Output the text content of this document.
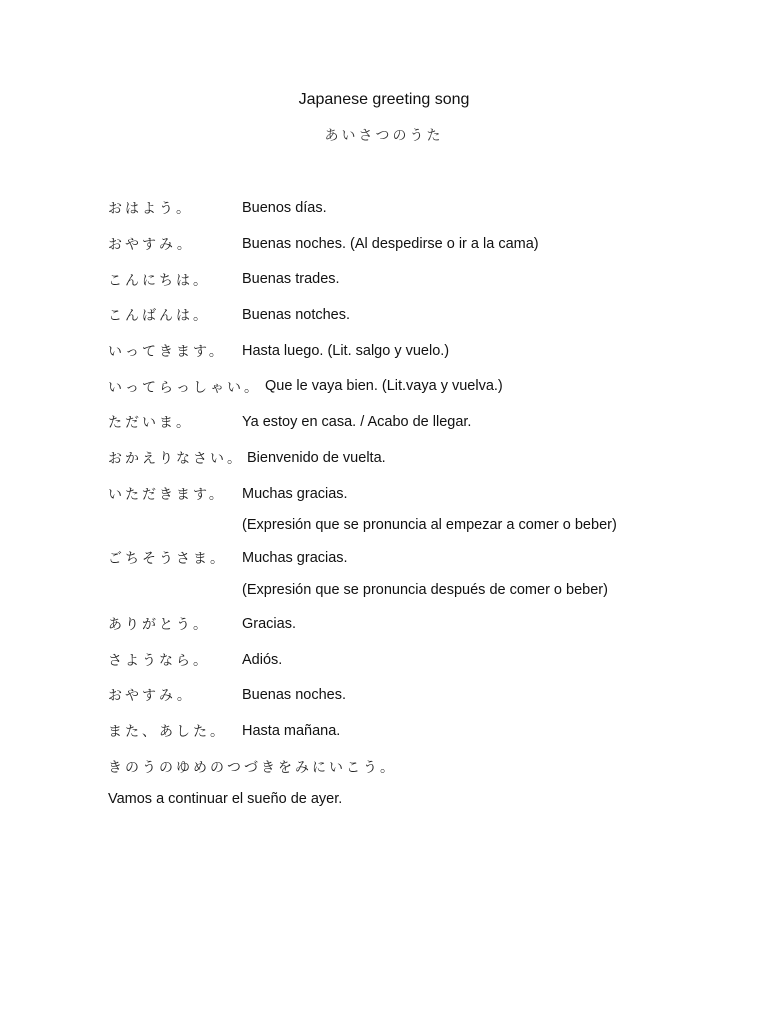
Japanese greeting song
あいさつのうた
おはよう。	Buenos días.
おやすみ。	Buenas noches. (Al despedirse o ir a la cama)
こんにちは。 Buenas trades.
こんばんは。 Buenas notches.
いってきます。 Hasta luego. (Lit. salgo y vuelo.)
いってらっしゃい。 Que le vaya bien. (Lit.vaya y vuelva.)
ただいま。	Ya estoy en casa. / Acabo de llegar.
おかえりなさい。 Bienvenido de vuelta.
いただきます。 Muchas gracias.
(Expresión que se pronuncia al empezar a comer o beber)
ごちそうさま。 Muchas gracias.
(Expresión que se pronuncia después de comer o beber)
ありがとう。 Gracias.
さようなら。 Adiós.
おやすみ。	Buenas noches.
また、あした。 Hasta mañana.
きのうのゆめのつづきをみにいこう。
Vamos a continuar el sueño de ayer.
